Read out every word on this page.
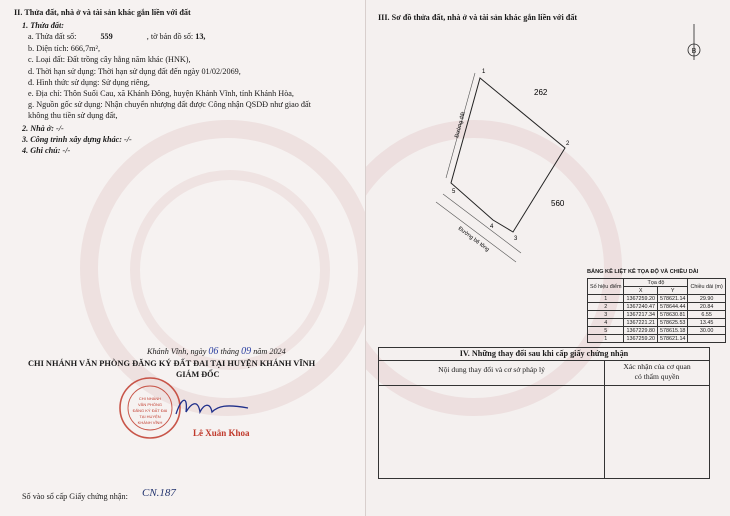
II. Thửa đất, nhà ở và tài sản khác gắn liền với đất
1. Thửa đất:
a. Thửa đất số:	559	, tờ bản đồ số: 13,
b. Diện tích: 666,7m²,
c. Loại đất: Đất trồng cây hằng năm khác (HNK),
d. Thời hạn sử dụng: Thời hạn sử dụng đất đến ngày 01/02/2069,
đ. Hình thức sử dụng: Sử dụng riêng,
e. Địa chỉ: Thôn Suối Cau, xã Khánh Đông, huyện Khánh Vĩnh, tỉnh Khánh Hòa,
g. Nguồn gốc sử dụng: Nhận chuyển nhượng đất được Công nhận QSDĐ như giao đất
không thu tiền sử dụng đất,
2. Nhà ở: -/-
3. Công trình xây dựng khác: -/-
4. Ghi chú: -/-
Khánh Vĩnh, ngày 06 tháng 09 năm 2024
CHI NHÁNH VĂN PHÒNG ĐĂNG KÝ ĐẤT ĐAI TẠI HUYỆN KHÁNH VĨNH
GIÁM ĐỐC
CHI NHÁNH
VĂN PHÒNG
ĐĂNG KÝ ĐẤT ĐAI
TẠI HUYỆN
KHÁNH VĨNH
Lê Xuân Khoa
Số vào sổ cấp Giấy chứng nhận: CN.187
III. Sơ đồ thửa đất, nhà ở và tài sản khác gắn liền với đất
B
1
2
3
4
5
262
560
Đường đất
Đường bê tông
BẢNG KÊ LIỆT KÊ TỌA ĐỘ VÀ CHIỀU DÀI
Số hiệu điểm	Tọa độ		Chiều dài (m)
	X	Y	
1	1367259.20	578621.14	29.90
2	1367240.47	578644.44	20.84
3	1367217.34	578630.81	6.55
4	1367221.21	578625.53	13.45
5	1367229.80	578615.18	30.00
1	1367259.20	578621.14	
IV. Những thay đổi sau khi cấp giấy chứng nhận
Nội dung thay đổi và cơ sở pháp lý	Xác nhận của cơ quan
có thẩm quyền
